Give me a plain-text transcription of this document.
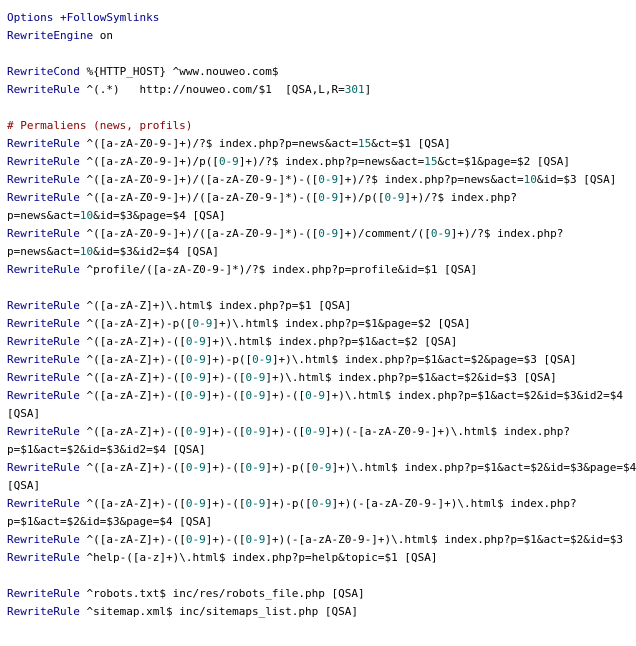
Options +FollowSymlinks
RewriteEngine on
RewriteCond %{HTTP_HOST} ^www.nouweo.com$
RewriteRule ^(.*)   http://nouweo.com/$1  [QSA,L,R=301]
# Permaliens (news, profils)
RewriteRule ^([a-zA-Z0-9-]+)/?$ index.php?p=news&act=15&ct=$1 [QSA]
RewriteRule ^([a-zA-Z0-9-]+)/p([0-9]+)/?$ index.php?p=news&act=15&ct=$1&page=$2 [QSA]
RewriteRule ^([a-zA-Z0-9-]+)/([a-zA-Z0-9-]*)-([0-9]+)/?$ index.php?p=news&act=10&id=$3 [QSA]
RewriteRule ^([a-zA-Z0-9-]+)/([a-zA-Z0-9-]*)-([0-9]+)/p([0-9]+)/?$ index.php?
p=news&act=10&id=$3&page=$4 [QSA]
RewriteRule ^([a-zA-Z0-9-]+)/([a-zA-Z0-9-]*)-([0-9]+)/comment/([0-9]+)/?$ index.php?
p=news&act=10&id=$3&id2=$4 [QSA]
RewriteRule ^profile/([a-zA-Z0-9-]*)/?$ index.php?p=profile&id=$1 [QSA]
RewriteRule ^([a-zA-Z]+)\.html$ index.php?p=$1 [QSA]
RewriteRule ^([a-zA-Z]+)-p([0-9]+)\.html$ index.php?p=$1&page=$2 [QSA]
RewriteRule ^([a-zA-Z]+)-([0-9]+)\.html$ index.php?p=$1&act=$2 [QSA]
RewriteRule ^([a-zA-Z]+)-([0-9]+)-p([0-9]+)\.html$ index.php?p=$1&act=$2&page=$3 [QSA]
RewriteRule ^([a-zA-Z]+)-([0-9]+)-([0-9]+)\.html$ index.php?p=$1&act=$2&id=$3 [QSA]
RewriteRule ^([a-zA-Z]+)-([0-9]+)-([0-9]+)-([0-9]+)\.html$ index.php?p=$1&act=$2&id=$3&id2=$4
[QSA]
RewriteRule ^([a-zA-Z]+)-([0-9]+)-([0-9]+)-([0-9]+)(-[a-zA-Z0-9-]+)\.html$ index.php?
p=$1&act=$2&id=$3&id2=$4 [QSA]
RewriteRule ^([a-zA-Z]+)-([0-9]+)-([0-9]+)-p([0-9]+)\.html$ index.php?p=$1&act=$2&id=$3&page=$4
[QSA]
RewriteRule ^([a-zA-Z]+)-([0-9]+)-([0-9]+)-p([0-9]+)(-[a-zA-Z0-9-]+)\.html$ index.php?
p=$1&act=$2&id=$3&page=$4 [QSA]
RewriteRule ^([a-zA-Z]+)-([0-9]+)-([0-9]+)(-[a-zA-Z0-9-]+)\.html$ index.php?p=$1&act=$2&id=$3
RewriteRule ^help-([a-z]+)\.html$ index.php?p=help&topic=$1 [QSA]
RewriteRule ^robots.txt$ inc/res/robots_file.php [QSA]
RewriteRule ^sitemap.xml$ inc/sitemaps_list.php [QSA]
